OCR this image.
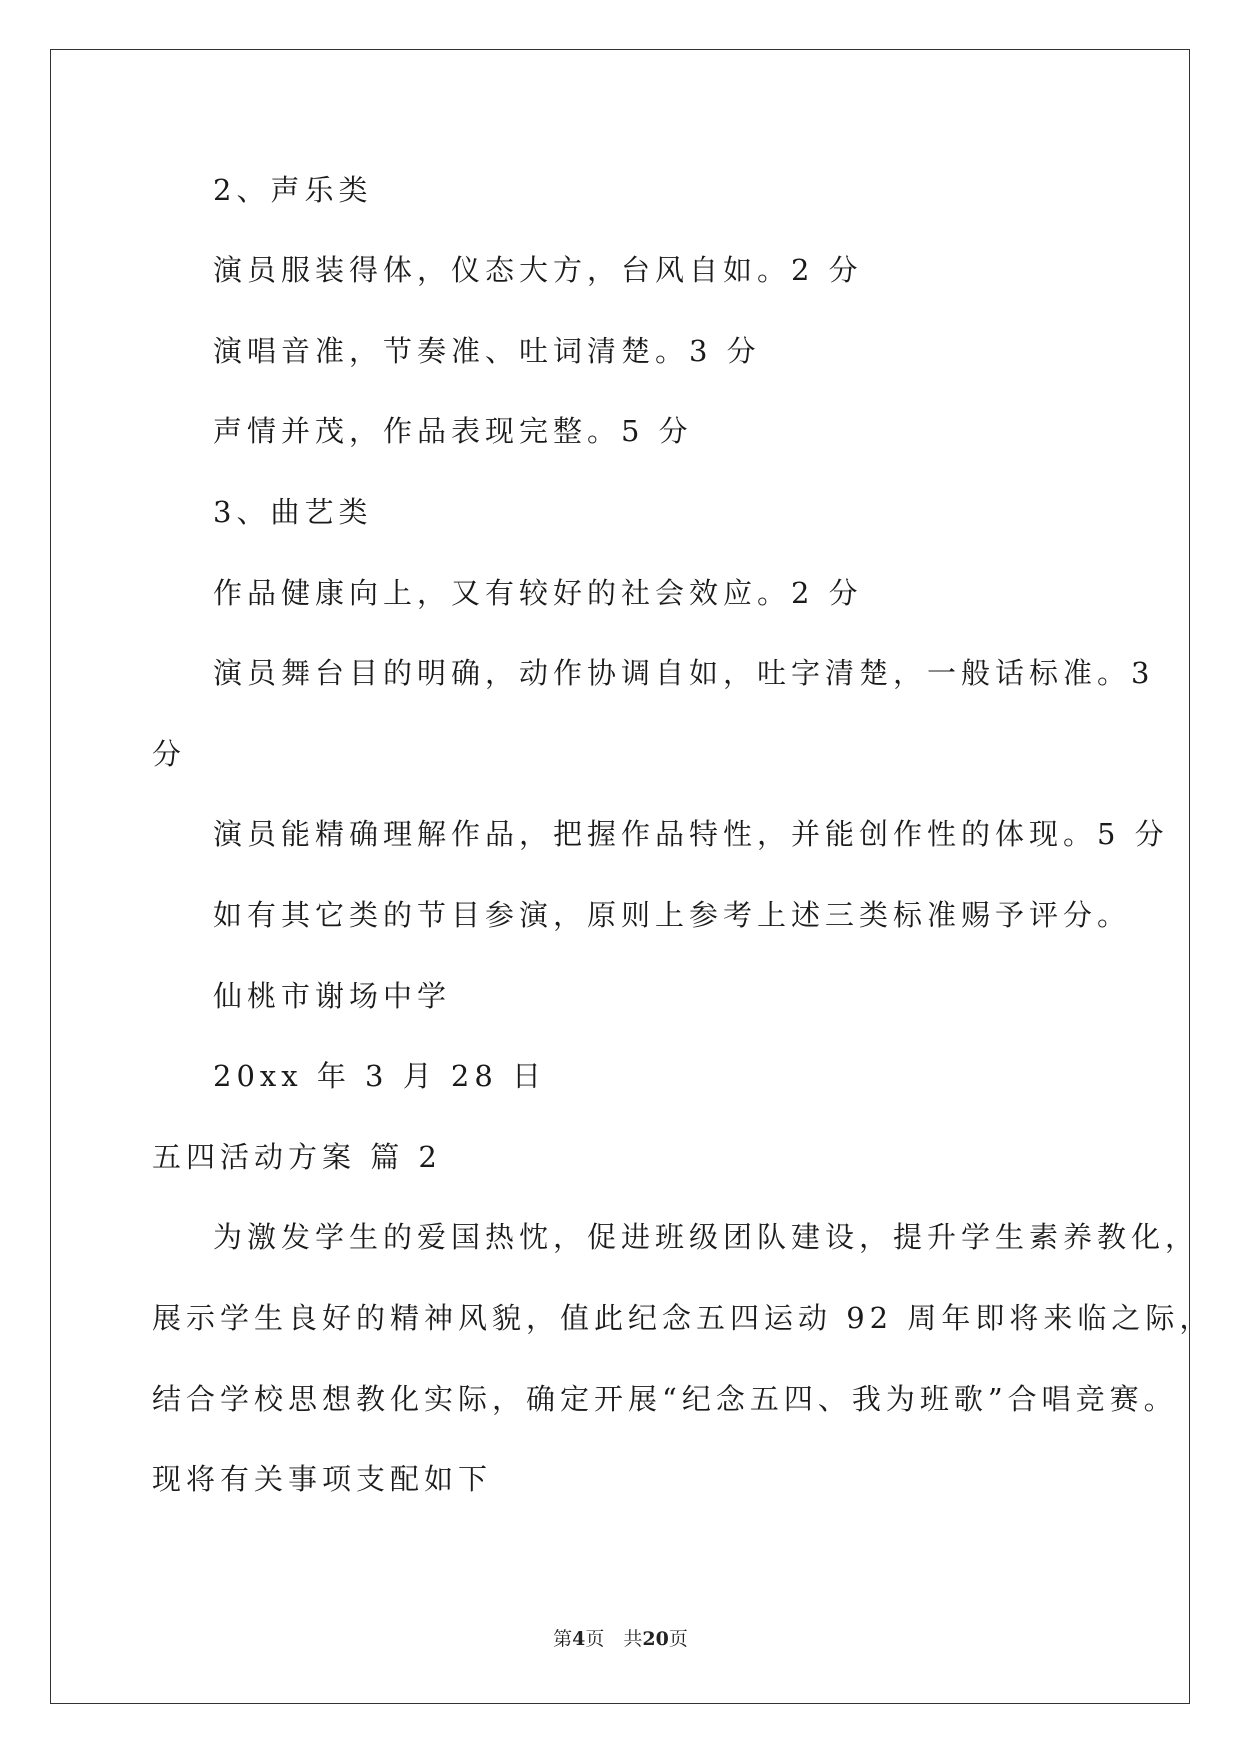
2、声乐类
演员服装得体，仪态大方，台风自如。2 分
演唱音准，节奏准、吐词清楚。3 分
声情并茂，作品表现完整。5 分
3、曲艺类
作品健康向上，又有较好的社会效应。2 分
演员舞台目的明确，动作协调自如，吐字清楚，一般话标准。3
分
演员能精确理解作品，把握作品特性，并能创作性的体现。5 分
如有其它类的节目参演，原则上参考上述三类标准赐予评分。
仙桃市谢场中学
20xx 年 3 月 28 日
五四活动方案 篇 2
为激发学生的爱国热忱，促进班级团队建设，提升学生素养教化，
展示学生良好的精神风貌，值此纪念五四运动 92 周年即将来临之际，
结合学校思想教化实际，确定开展“纪念五四、我为班歌”合唱竞赛。
现将有关事项支配如下
第4页　共20页
